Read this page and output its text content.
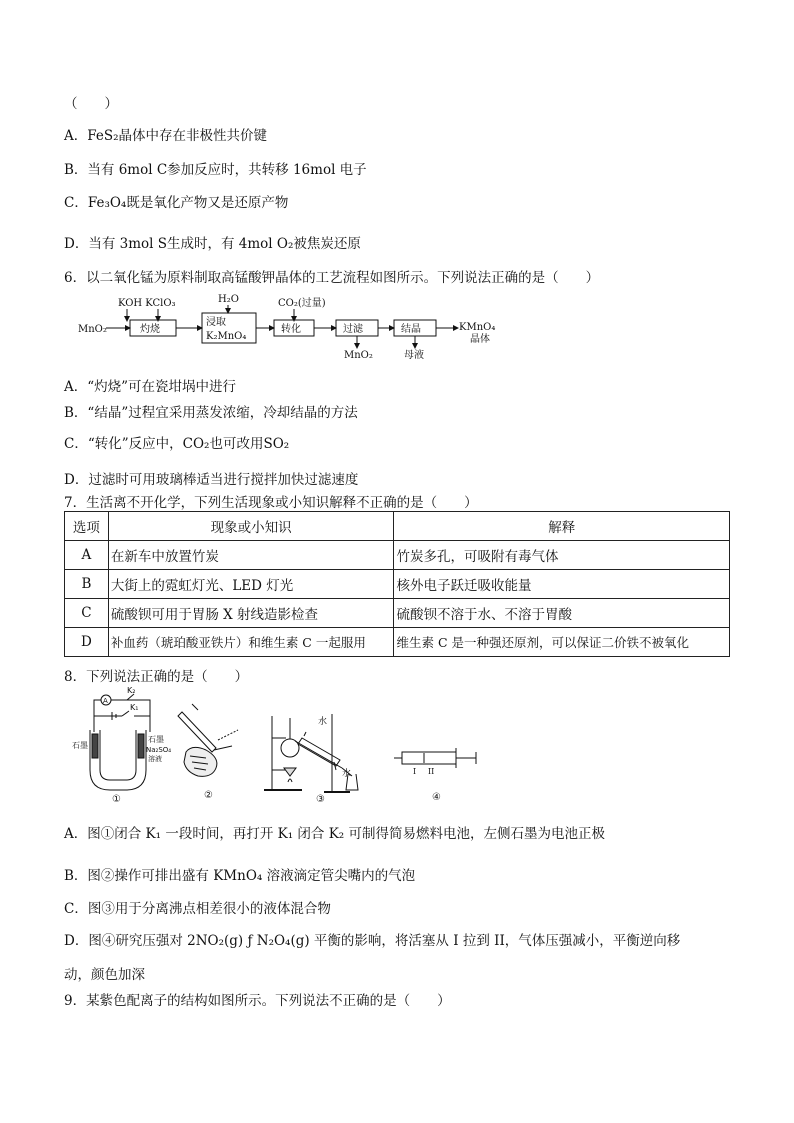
（　　）
A．FeS₂晶体中存在非极性共价键
B．当有 6mol C参加反应时，共转移 16mol 电子
C．Fe₃O₄既是氧化产物又是还原产物
D．当有 3mol S生成时，有 4mol O₂被焦炭还原
6．以二氧化锰为原料制取高锰酸钾晶体的工艺流程如图所示。下列说法正确的是（　　）
MnO₂
KOH KClO₃
灼烧
H₂O
浸取
K₂MnO₄
CO₂(过量)
转化	过滤
MnO₂
结晶
母液
KMnO₄
晶体
A．“灼烧”可在瓷坩埚中进行
B．“结晶”过程宜采用蒸发浓缩，冷却结晶的方法
C．“转化”反应中，CO₂也可改用SO₂
D．过滤时可用玻璃棒适当进行搅拌加快过滤速度
7．生活离不开化学，下列生活现象或小知识解释不正确的是（　　）
选项	现象或小知识	解释
A	在新车中放置竹炭	竹炭多孔，可吸附有毒气体
B	大街上的霓虹灯光、LED 灯光	核外电子跃迁吸收能量
C	硫酸钡可用于胃肠 X 射线造影检查	硫酸钡不溶于水、不溶于胃酸
D	补血药（琥珀酸亚铁片）和维生素 C 一起服用	维生素 C 是一种强还原剂，可以保证二价铁不被氧化
8．下列说法正确的是（　　）
K₂
A
K₁
石墨
石墨
Na₂SO₄
溶液
①	②
水
水
③
I II
④
A．图①闭合 K₁ 一段时间，再打开 K₁ 闭合 K₂ 可制得简易燃料电池，左侧石墨为电池正极
B．图②操作可排出盛有 KMnO₄ 溶液滴定管尖嘴内的气泡
C．图③用于分离沸点相差很小的液体混合物
D．图④研究压强对 2NO₂(g) ƒ N₂O₄(g) 平衡的影响，将活塞从 I 拉到 II，气体压强减小，平衡逆向移
动，颜色加深
9．某紫色配离子的结构如图所示。下列说法不正确的是（　　）
